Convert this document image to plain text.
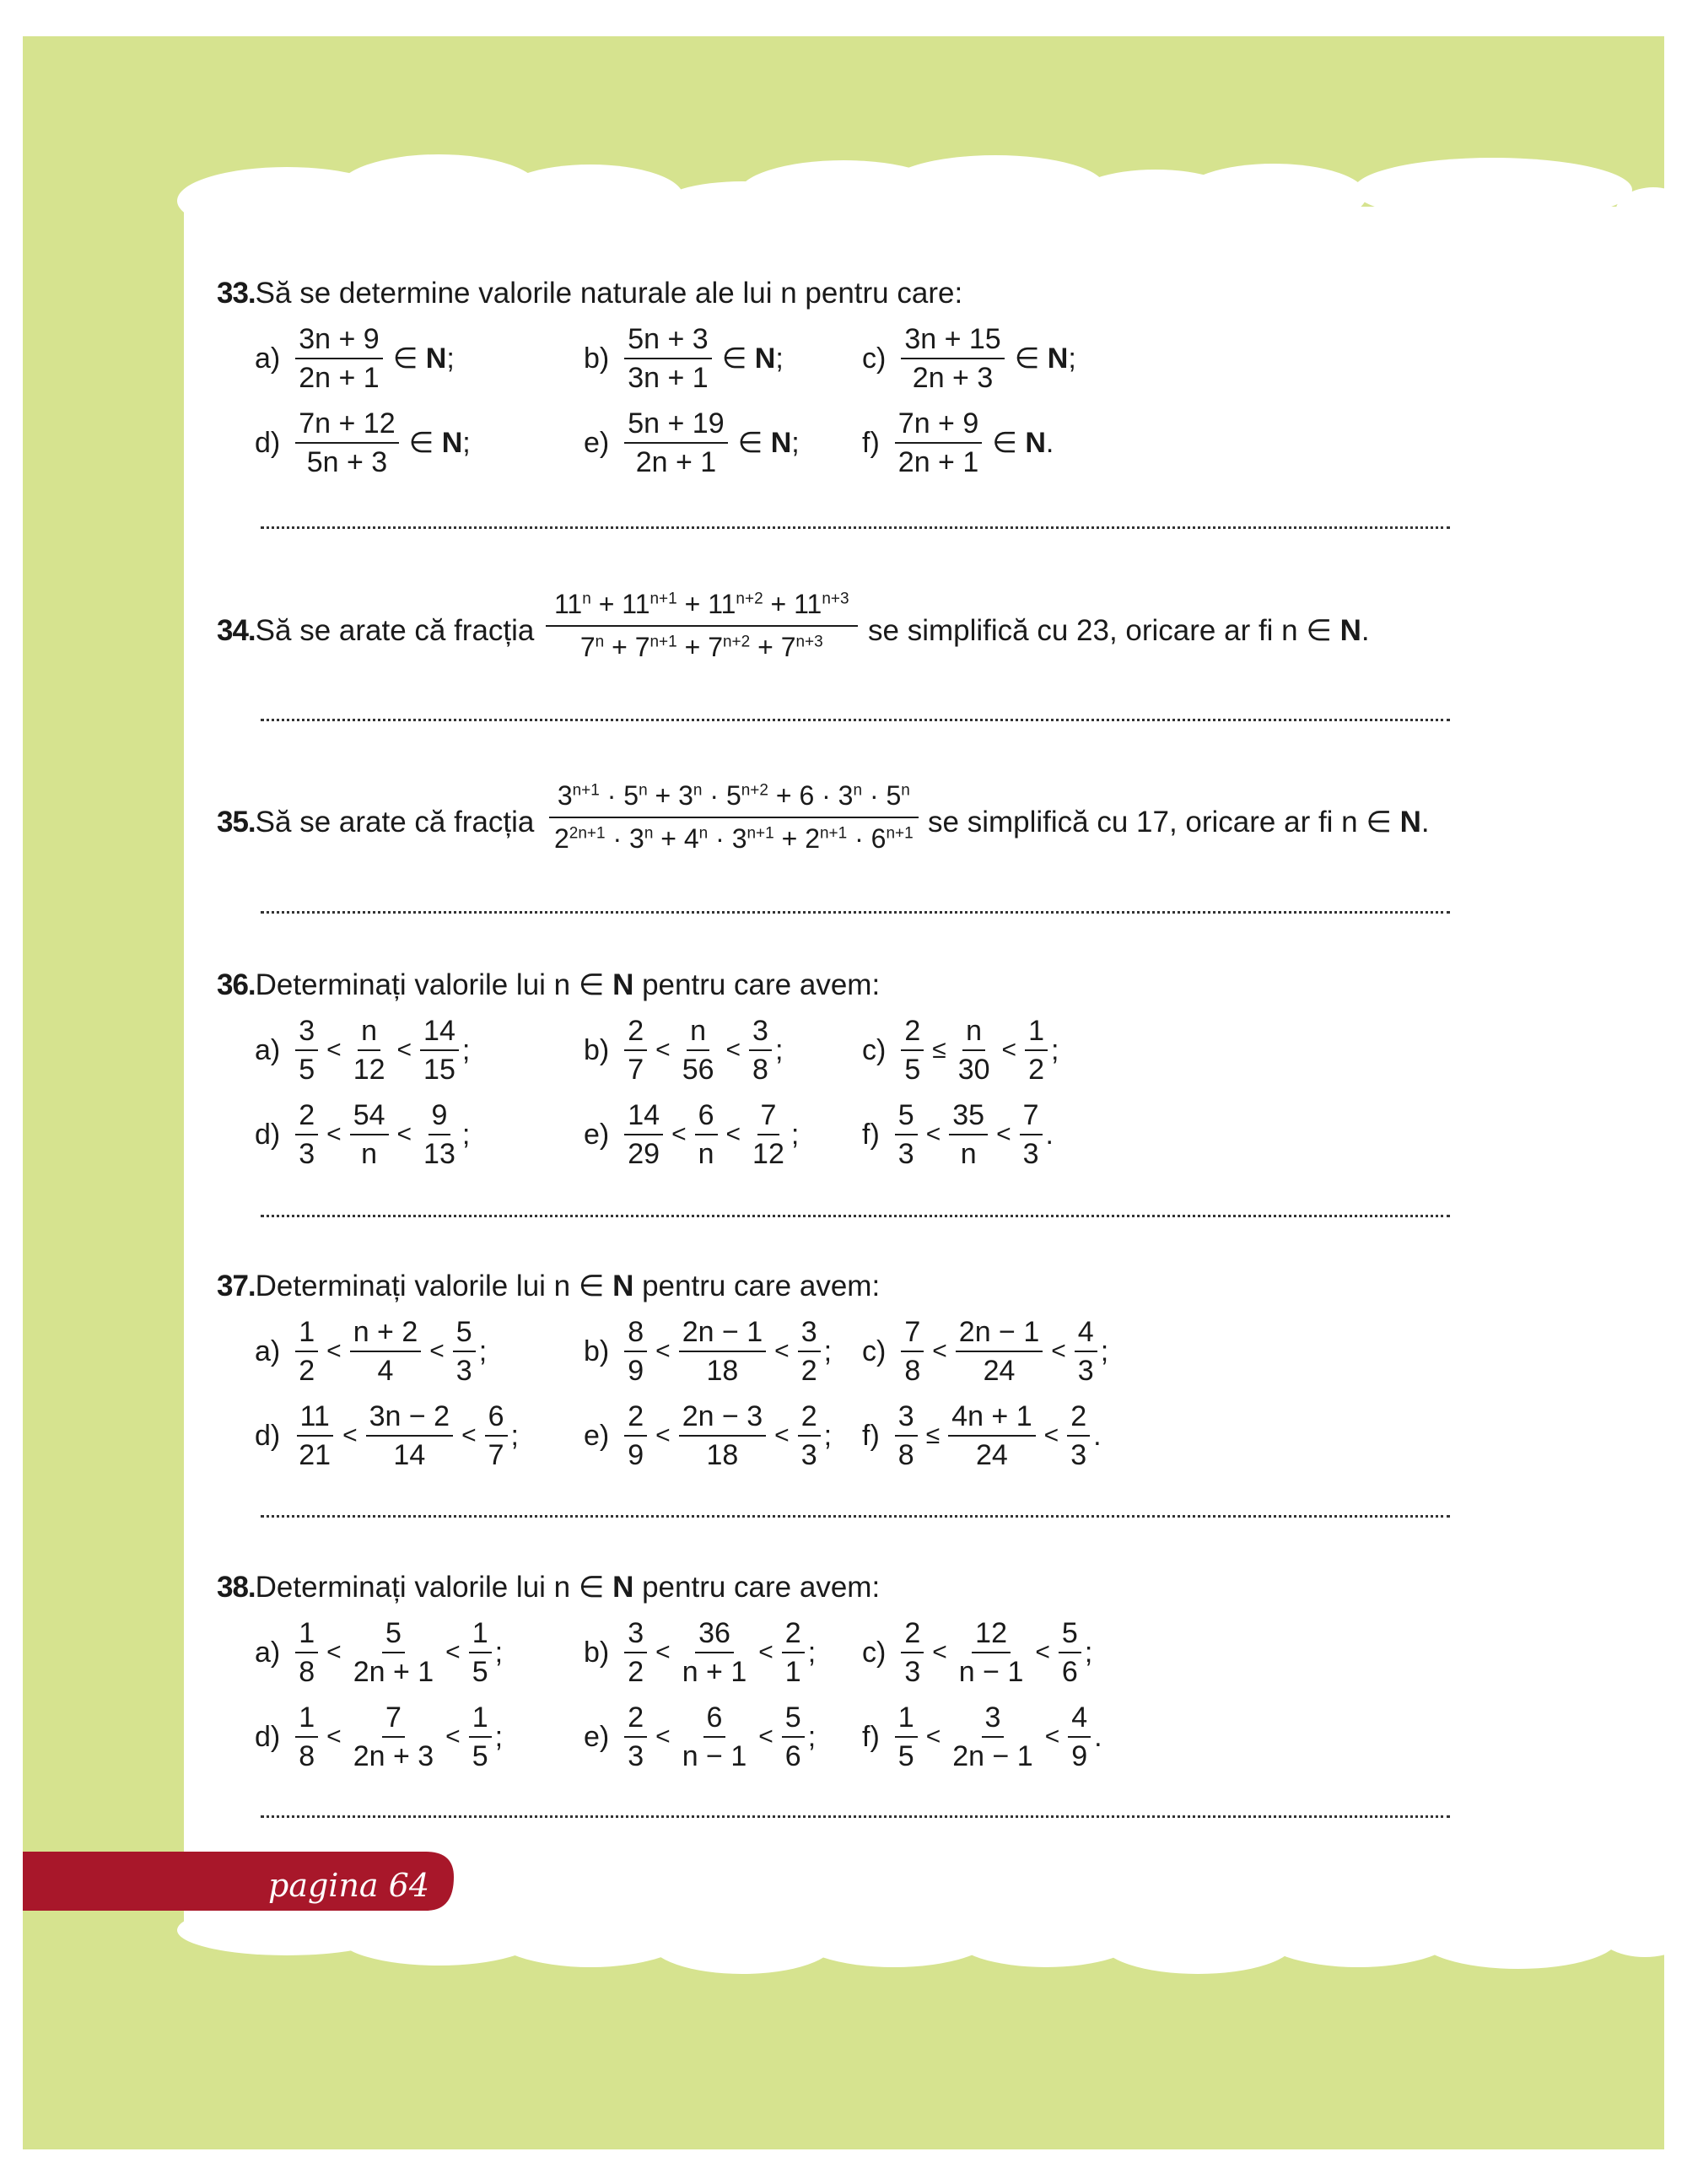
pagina 64
33.Să se determine valorile naturale ale lui n pentru care:
$a) \frac{3n + 9}{2n + 1}$ ∈ N;	$b) \frac{5n + 3}{3n + 1}$ ∈ N;	$c) \frac{3n + 15}{2n + 3}$ ∈ N;
$d) \frac{7n + 12}{5n + 3}$ ∈ N;	$e) \frac{5n + 19}{2n + 1}$ ∈ N; $f) \frac{7n + 9}{2n + 1}$ ∈ N.
34.Să se arate că fracția $\frac{11^n + 11^{n+1} + 11^{n+2} + 11^{n+3}}{7^n + 7^{n+1} + 7^{n+2} + 7^{n+3}}$ se simplifică cu 23, oricare ar fi n ∈ N.
35.Să se arate că fracția $\frac{3^{n+1} \cdot 5^n + 3^n \cdot 5^{n+2} + 6 \cdot 3^n \cdot 5^n}{2^{2n+1} \cdot 3^n + 4^n \cdot 3^{n+1} + 2^{n+1} \cdot 6^{n+1}}$ se simplifică cu 17, oricare ar fi n ∈ N.
36.Determinați valorile lui n ∈ N pentru care avem:
$a) \frac{3}{5} < \frac{n}{12} < \frac{14}{15}$ ;	$b) \frac{2}{7} < \frac{n}{56} < \frac{3}{8}$ ;	$c) \frac{2}{5} \le \frac{n}{30} < \frac{1}{2}$ ;
$d) \frac{2}{3} < \frac{54}{n} < \frac{9}{13}$ ;	$e) \frac{14}{29} < \frac{6}{n} < \frac{7}{12}$ ; $f) \frac{5}{3} < \frac{35}{n} < \frac{7}{3}$ .
37.Determinați valorile lui n ∈ N pentru care avem:
$a) \frac{1}{2} < \frac{n + 2}{4} < \frac{5}{3}$ ;	$b) \frac{8}{9} < \frac{2n - 1}{18} < \frac{3}{2}$ ; $c) \frac{7}{8} < \frac{2n - 1}{24} < \frac{4}{3}$ ;
$d) \frac{11}{21} < \frac{3n - 2}{14} < \frac{6}{7}$ ; $e) \frac{2}{9} < \frac{2n - 3}{18} < \frac{2}{3}$ ; $f) \frac{3}{8} \le \frac{4n + 1}{24} < \frac{2}{3}$ .
38.Determinați valorile lui n ∈ N pentru care avem:
$a) \frac{1}{8} < \frac{5}{2n + 1} < \frac{1}{5}$ ;	$b) \frac{3}{2} < \frac{36}{n + 1} < \frac{2}{1}$ ; $c) \frac{2}{3} < \frac{12}{n - 1} < \frac{5}{6}$ ;
$d) \frac{1}{8} < \frac{7}{2n + 3} < \frac{1}{5}$ ;	$e) \frac{2}{3} < \frac{6}{n - 1} < \frac{5}{6}$ ; $f) \frac{1}{5} < \frac{3}{2n - 1} < \frac{4}{9}$ .
